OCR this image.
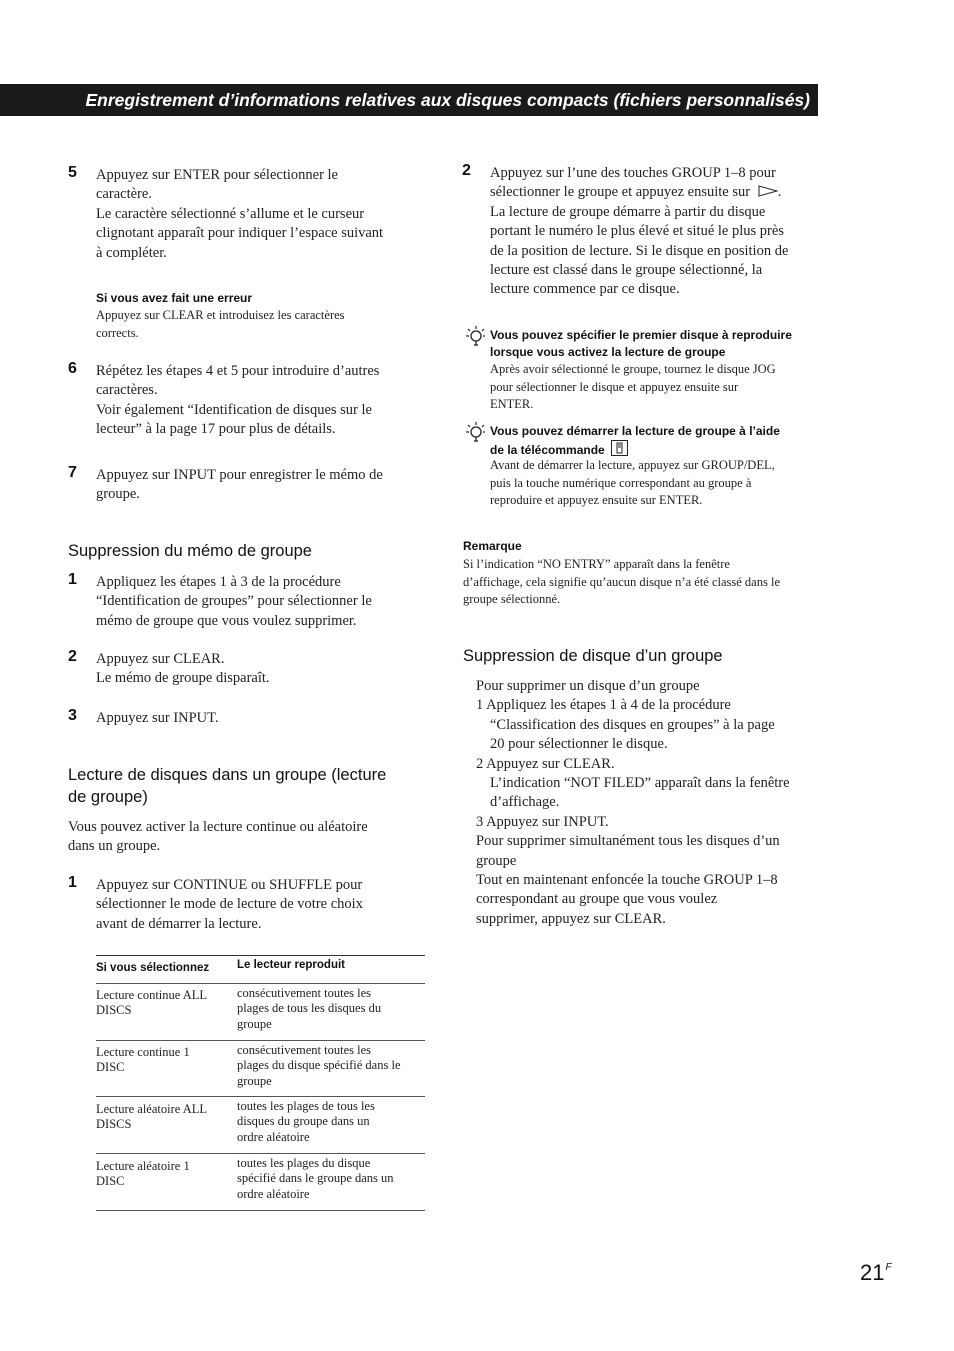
Enregistrement d’informations relatives aux disques compacts (fichiers personnalisés)
5 Appuyez sur ENTER pour sélectionner le
caractère.
Le caractère sélectionné s’allume et le curseur
clignotant apparaît pour indiquer l’espace suivant
à compléter.
Si vous avez fait une erreur
Appuyez sur CLEAR et introduisez les caractères
corrects.
6 Répétez les étapes 4 et 5 pour introduire d’autres
caractères.
Voir également “Identification de disques sur le
lecteur” à la page 17 pour plus de détails.
7 Appuyez sur INPUT pour enregistrer le mémo de
groupe.
Suppression du mémo de groupe
1 Appliquez les étapes 1 à 3 de la procédure
“Identification de groupes” pour sélectionner le
mémo de groupe que vous voulez supprimer.
2 Appuyez sur CLEAR.
Le mémo de groupe disparaît.
3 Appuyez sur INPUT.
Lecture de disques dans un groupe (lecture
de groupe)
Vous pouvez activer la lecture continue ou aléatoire
dans un groupe.
1 Appuyez sur CONTINUE ou SHUFFLE pour
sélectionner le mode de lecture de votre choix
avant de démarrer la lecture.
Si vous sélectionnez Le lecteur reproduit
Lecture continue ALL
DISCS
consécutivement toutes les
plages de tous les disques du
groupe
Lecture continue 1
DISC
consécutivement toutes les
plages du disque spécifié dans le
groupe
Lecture aléatoire ALL
DISCS
toutes les plages de tous les
disques du groupe dans un
ordre aléatoire
Lecture aléatoire 1
DISC
toutes les plages du disque
spécifié dans le groupe dans un
ordre aléatoire
2 Appuyez sur l’une des touches GROUP 1–8 pour
sélectionner le groupe et appuyez ensuite sur .
La lecture de groupe démarre à partir du disque
portant le numéro le plus élevé et situé le plus près
de la position de lecture. Si le disque en position de
lecture est classé dans le groupe sélectionné, la
lecture commence par ce disque.
Vous pouvez spécifier le premier disque à reproduire
lorsque vous activez la lecture de groupe
Après avoir sélectionné le groupe, tournez le disque JOG
pour sélectionner le disque et appuyez ensuite sur
ENTER.
Vous pouvez démarrer la lecture de groupe à l’aide
de la télécommande
Avant de démarrer la lecture, appuyez sur GROUP/DEL,
puis la touche numérique correspondant au groupe à
reproduire et appuyez ensuite sur ENTER.
Remarque
Si l’indication “NO ENTRY” apparaît dans la fenêtre
d’affichage, cela signifie qu’aucun disque n’a été classé dans le
groupe sélectionné.
Suppression de disque d’un groupe
Pour supprimer un disque d’un groupe
1 Appliquez les étapes 1 à 4 de la procédure
“Classification des disques en groupes” à la page
20 pour sélectionner le disque.
2 Appuyez sur CLEAR.
L’indication “NOT FILED” apparaît dans la fenêtre
d’affichage.
3 Appuyez sur INPUT.
Pour supprimer simultanément tous les disques d’un
groupe
Tout en maintenant enfoncée la touche GROUP 1–8
correspondant au groupe que vous voulez
supprimer, appuyez sur CLEAR.
$21^F$
